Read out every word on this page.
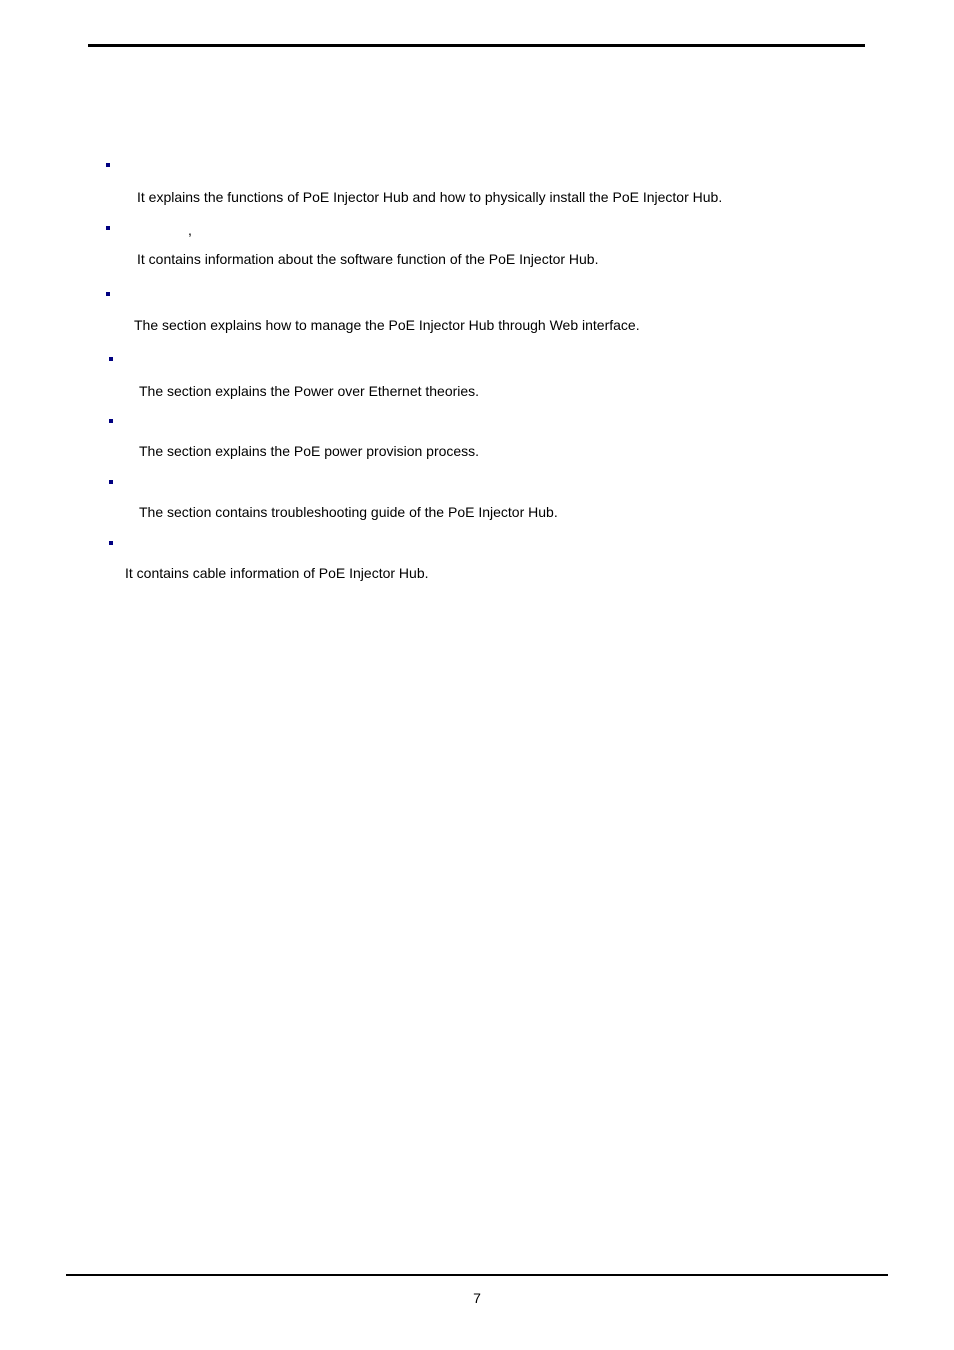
It explains the functions of PoE Injector Hub and how to physically install the PoE Injector Hub.
,
It contains information about the software function of the PoE Injector Hub.
The section explains how to manage the PoE Injector Hub through Web interface.
The section explains the Power over Ethernet theories.
The section explains the PoE power provision process.
The section contains troubleshooting guide of the PoE Injector Hub.
It contains cable information of PoE Injector Hub.
7
